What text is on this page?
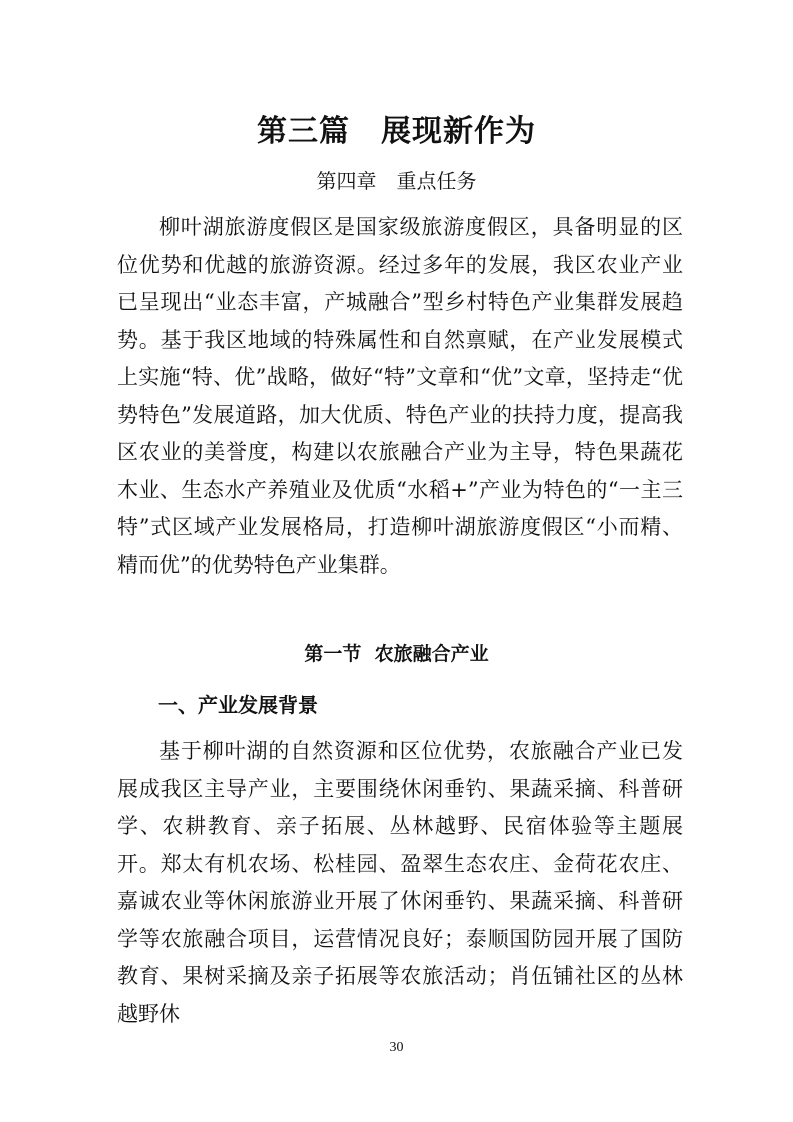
第三篇　展现新作为
第四章　重点任务

柳叶湖旅游度假区是国家级旅游度假区，具备明显的区位优势和优越的旅游资源。经过多年的发展，我区农业产业已呈现出“业态丰富，产城融合”型乡村特色产业集群发展趋势。基于我区地域的特殊属性和自然禀赋，在产业发展模式上实施“特、优”战略，做好“特”文章和“优”文章，坚持走“优势特色”发展道路，加大优质、特色产业的扶持力度，提高我区农业的美誉度，构建以农旅融合产业为主导，特色果蔬花木业、生态水产养殖业及优质“水稻+”产业为特色的“一主三特”式区域产业发展格局，打造柳叶湖旅游度假区“小而精、精而优”的优势特色产业集群。

第一节  农旅融合产业
一、产业发展背景

基于柳叶湖的自然资源和区位优势，农旅融合产业已发展成我区主导产业，主要围绕休闲垂钓、果蔬采摘、科普研学、农耕教育、亲子拓展、丛林越野、民宿体验等主题展开。郑太有机农场、松桂园、盈翠生态农庄、金荷花农庄、嘉诚农业等休闲旅游业开展了休闲垂钓、果蔬采摘、科普研学等农旅融合项目，运营情况良好；泰顺国防园开展了国防教育、果树采摘及亲子拓展等农旅活动；肖伍铺社区的丛林越野休

30
